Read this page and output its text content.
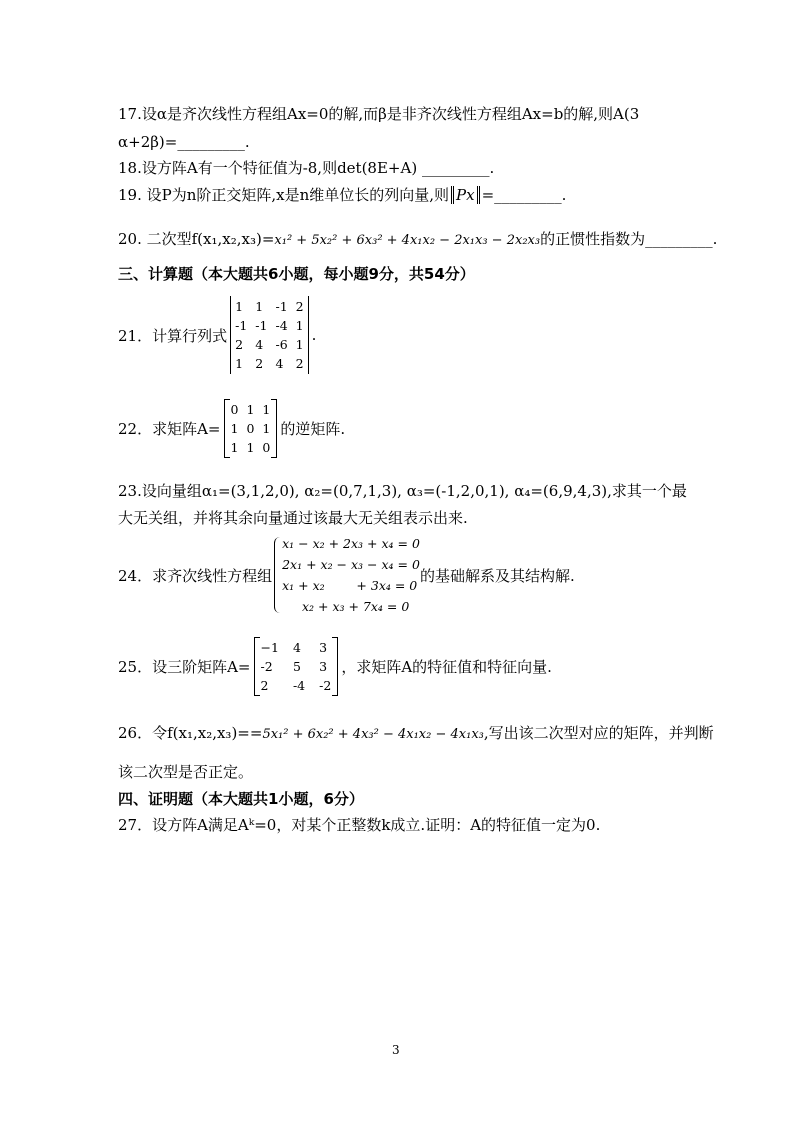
17.设α是齐次线性方程组Ax=0的解,而β是非齐次线性方程组Ax=b的解,则A(3
α+2β)=_________.
18.设方阵A有一个特征值为-8,则det(8E+A) _________.
19. 设P为n阶正交矩阵,x是n维单位长的列向量,则 Px =_________.
20. 二次型f(x₁,x₂,x₃)=x₁² + 5x₂² + 6x₃² + 4x₁x₂ − 2x₁x₃ − 2x₂x₃的正惯性指数为_________.
三、计算题（本大题共6小题，每小题9分，共54分）
21．计算行列式
1 1 -1 2
-1 -1 -4 1
2 4 -6 1
1 2 4 2
.
22．求矩阵A=
0 1 1
1 0 1
1 1 0
的逆矩阵.
23.设向量组α₁=(3,1,2,0), α₂=(0,7,1,3), α₃=(-1,2,0,1), α₄=(6,9,4,3),求其一个最
大无关组，并将其余向量通过该最大无关组表示出来.
24．求齐次线性方程组
x₁ − x₂ + 2x₃ + x₄ = 0
2x₁ + x₂ − x₃ − x₄ = 0
x₁ + x₂        + 3x₄ = 0
x₂ + x₃ + 7x₄ = 0
的基础解系及其结构解.
25．设三阶矩阵A=
−1 4	3
-2	5	3
2	-4 -2
，求矩阵A的特征值和特征向量.
26．令f(x₁,x₂,x₃)==5x₁² + 6x₂² + 4x₃² − 4x₁x₂ − 4x₁x₃,写出该二次型对应的矩阵，并判断
该二次型是否正定。
四、证明题（本大题共1小题，6分）
27．设方阵A满足Aᵏ=0，对某个正整数k成立.证明：A的特征值一定为0.
3
